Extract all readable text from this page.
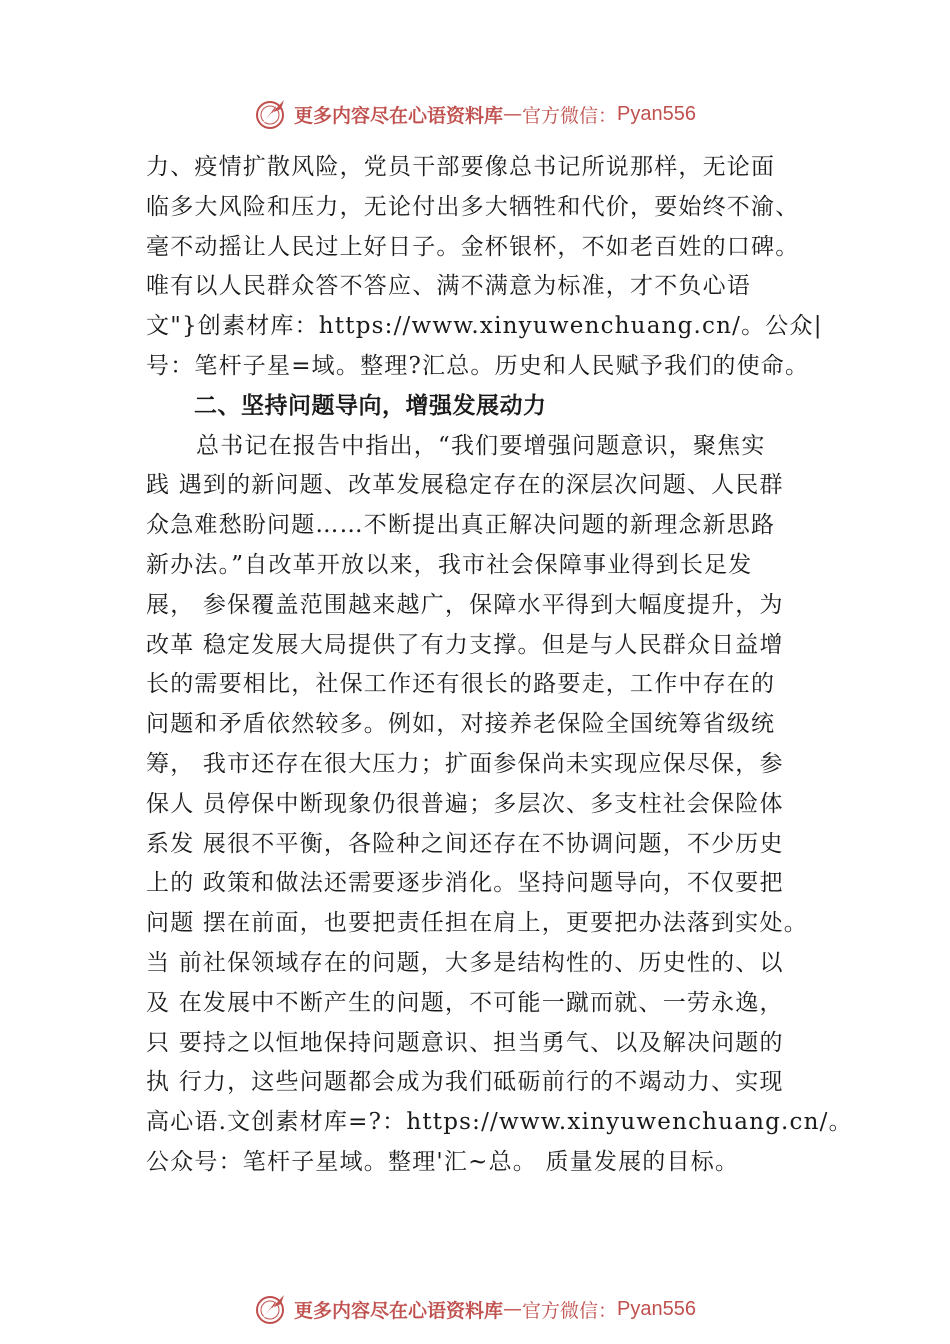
更多内容尽在心语资料库 — 官方微信： Pyan556
力、疫情扩散风险，党员干部要像总书记所说那样，无论面
临多大风险和压力，无论付出多大牺牲和代价，要始终不渝、
毫不动摇让人民过上好日子。金杯银杯，不如老百姓的口碑。
唯有以人民群众答不答应、满不满意为标准，才不负心语
文"}创素材库：https://www.xinyuwenchuang.cn/。公众|
号：笔杆子星=域。整理?汇总。历史和人民赋予我们的使命。
二、坚持问题导向，增强发展动力
总书记在报告中指出，“我们要增强问题意识，聚焦实
践 遇到的新问题、改革发展稳定存在的深层次问题、人民群
众急难愁盼问题……不断提出真正解决问题的新理念新思路
新办法。”自改革开放以来，我市社会保障事业得到长足发
展， 参保覆盖范围越来越广，保障水平得到大幅度提升，为
改革 稳定发展大局提供了有力支撑。但是与人民群众日益增
长的需要相比，社保工作还有很长的路要走，工作中存在的
问题和矛盾依然较多。例如，对接养老保险全国统筹省级统
筹， 我市还存在很大压力；扩面参保尚未实现应保尽保，参
保人 员停保中断现象仍很普遍；多层次、多支柱社会保险体
系发 展很不平衡，各险种之间还存在不协调问题，不少历史
上的 政策和做法还需要逐步消化。坚持问题导向，不仅要把
问题 摆在前面，也要把责任担在肩上，更要把办法落到实处。
当 前社保领域存在的问题，大多是结构性的、历史性的、以
及 在发展中不断产生的问题，不可能一蹴而就、一劳永逸，
只 要持之以恒地保持问题意识、担当勇气、以及解决问题的
执 行力，这些问题都会成为我们砥砺前行的不竭动力、实现
高心语.文创素材库=?：https://www.xinyuwenchuang.cn/。
公众号：笔杆子星域。整理'汇~总。 质量发展的目标。
更多内容尽在心语资料库 — 官方微信： Pyan556
